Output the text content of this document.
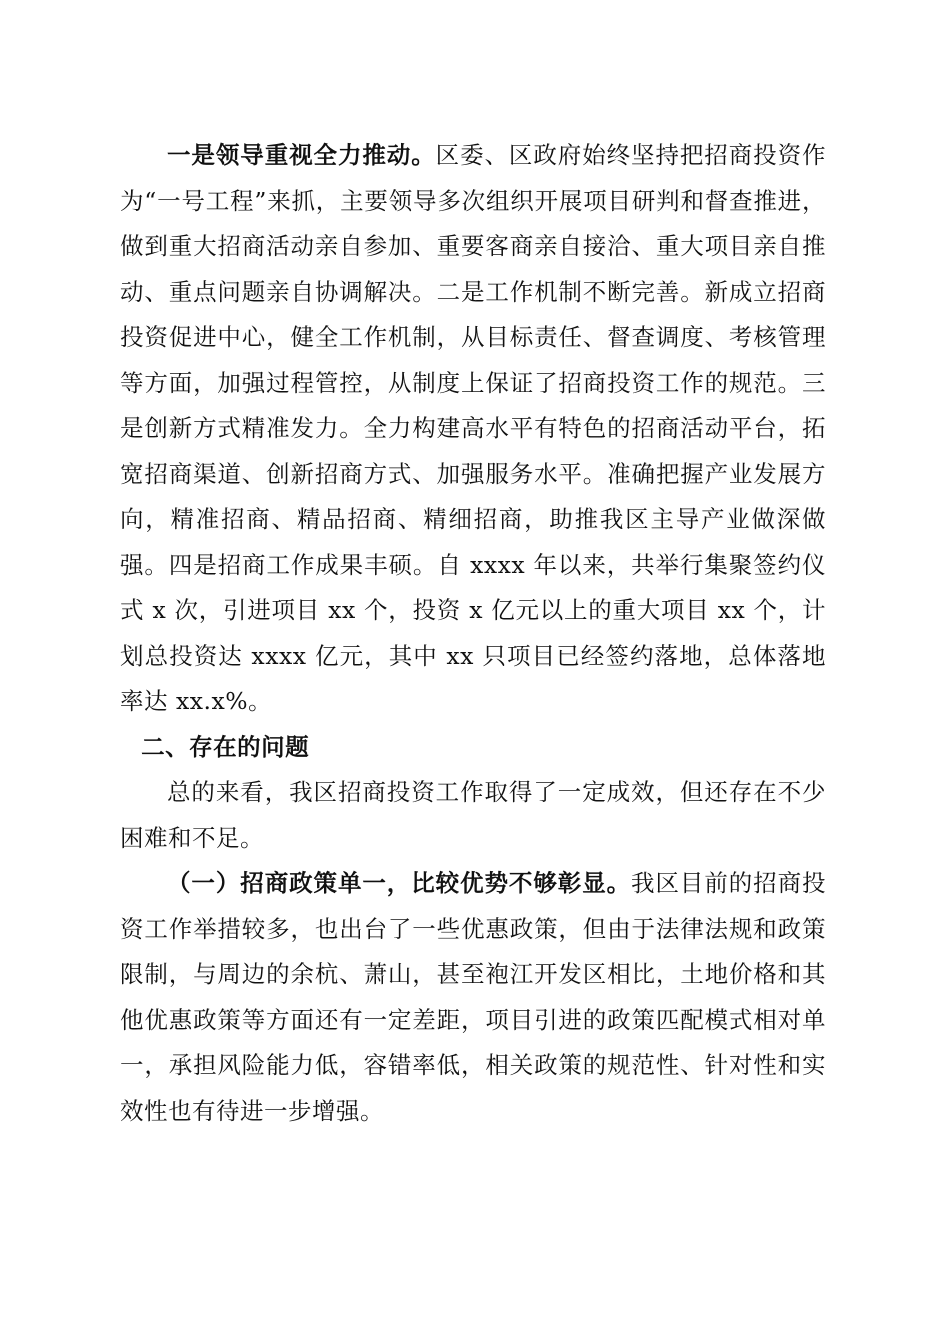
一是领导重视全力推动。区委、区政府始终坚持把招商投资作为“一号工程”来抓，主要领导多次组织开展项目研判和督查推进，做到重大招商活动亲自参加、重要客商亲自接洽、重大项目亲自推动、重点问题亲自协调解决。二是工作机制不断完善。新成立招商投资促进中心，健全工作机制，从目标责任、督查调度、考核管理等方面，加强过程管控，从制度上保证了招商投资工作的规范。三是创新方式精准发力。全力构建高水平有特色的招商活动平台，拓宽招商渠道、创新招商方式、加强服务水平。准确把握产业发展方向，精准招商、精品招商、精细招商，助推我区主导产业做深做强。四是招商工作成果丰硕。自 xxxx 年以来，共举行集聚签约仪式 x 次，引进项目 xx 个，投资 x 亿元以上的重大项目 xx 个，计划总投资达 xxxx 亿元，其中 xx 只项目已经签约落地，总体落地率达 xx.x%。

二、存在的问题

总的来看，我区招商投资工作取得了一定成效，但还存在不少困难和不足。

（一）招商政策单一，比较优势不够彰显。我区目前的招商投资工作举措较多，也出台了一些优惠政策，但由于法律法规和政策限制，与周边的余杭、萧山，甚至袍江开发区相比，土地价格和其他优惠政策等方面还有一定差距，项目引进的政策匹配模式相对单一，承担风险能力低，容错率低，相关政策的规范性、针对性和实效性也有待进一步增强。
